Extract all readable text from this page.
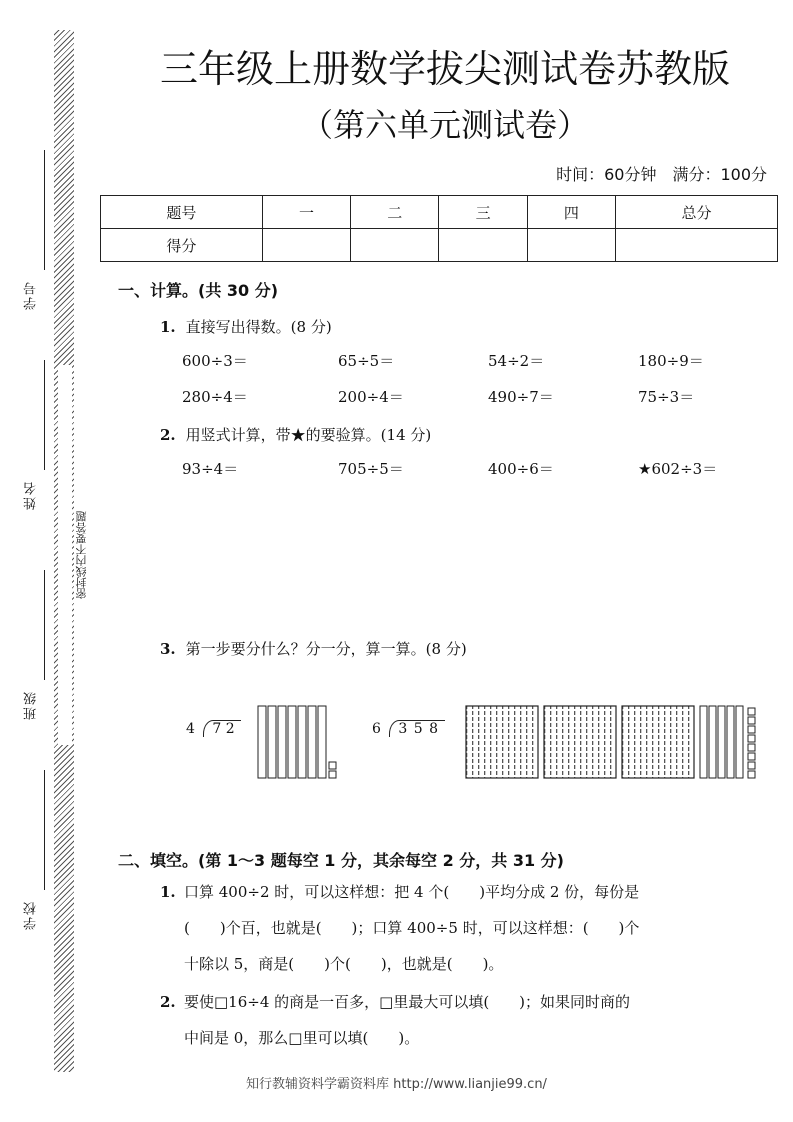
学号
姓名
班级
学校
密封线内不要答题
三年级上册数学拔尖测试卷苏教版
（第六单元测试卷）
时间：60分钟　满分：100分
题号	一	二	三	四	总分
得分					
一、计算。(共 30 分)
1. 直接写出得数。(8 分)
600÷3＝	65÷5＝	54÷2＝	180÷9＝
280÷4＝	200÷4＝	490÷7＝	75÷3＝
2. 用竖式计算，带★的要验算。(14 分)
93÷4＝	705÷5＝	400÷6＝	★602÷3＝
3. 第一步要分什么？分一分，算一算。(8 分)
4 7 2	6 3 5 8
二、填空。(第 1～3 题每空 1 分，其余每空 2 分，共 31 分)
1. 口算 400÷2 时，可以这样想：把 4 个(　　)平均分成 2 份，每份是
(　　)个百，也就是(　　)；口算 400÷5 时，可以这样想：(　　)个
十除以 5，商是(　　)个(　　)，也就是(　　)。
2. 要使□16÷4 的商是一百多，□里最大可以填(　　)；如果同时商的
中间是 0，那么□里可以填(　　)。
知行教辅资料学霸资料库 http://www.lianjie99.cn/
